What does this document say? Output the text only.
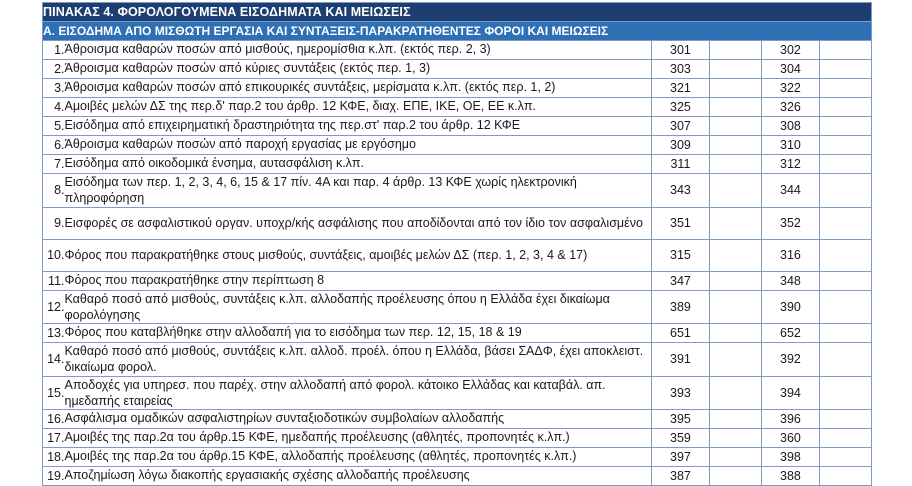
ΠΙΝΑΚΑΣ 4. ΦΟΡΟΛΟΓΟΥΜΕΝΑ ΕΙΣΟΔΗΜΑΤΑ ΚΑΙ ΜΕΙΩΣΕΙΣ					
Α. ΕΙΣΟΔΗΜΑ ΑΠΟ ΜΙΣΘΩΤΗ ΕΡΓΑΣΙΑ ΚΑΙ ΣΥΝΤΑΞΕΙΣ-ΠΑΡΑΚΡΑΤΗΘΕΝΤΕΣ ΦΟΡΟΙ ΚΑΙ ΜΕΙΩΣΕΙΣ					
1.	Άθροισμα καθαρών ποσών από μισθούς, ημερομίσθια κ.λπ. (εκτός περ. 2, 3)	301		302	
2.	Άθροισμα καθαρών ποσών από κύριες συντάξεις (εκτός περ. 1, 3)	303		304	
3.	Άθροισμα καθαρών ποσών από επικουρικές συντάξεις, μερίσματα κ.λπ. (εκτός περ. 1, 2)	321		322	
4.	Αμοιβές μελών ΔΣ της περ.δ' παρ.2 του άρθρ. 12 ΚΦΕ, διαχ. ΕΠΕ, ΙΚΕ, ΟΕ, ΕΕ κ.λπ.	325		326	
5.	Εισόδημα από επιχειρηματική δραστηριότητα της περ.στ' παρ.2 του άρθρ. 12 ΚΦΕ	307		308	
6.	Άθροισμα καθαρών ποσών από παροχή εργασίας με εργόσημο	309		310	
7.	Εισόδημα από οικοδομικά ένσημα, αυτασφάλιση κ.λπ.	311		312	
8.	Εισόδημα των περ. 1, 2, 3, 4, 6, 15 & 17 πίν. 4Α και παρ. 4 άρθρ. 13 ΚΦΕ χωρίς ηλεκτρονική πληροφόρηση	343		344	
9.	Εισφορές σε ασφαλιστικού οργαν. υποχρ/κής ασφάλισης που αποδίδονται από τον ίδιο τον ασφαλισμένο	351		352	
10.	Φόρος που παρακρατήθηκε στους μισθούς, συντάξεις, αμοιβές μελών ΔΣ (περ. 1, 2, 3, 4 & 17)	315		316	
11.	Φόρος που παρακρατήθηκε στην περίπτωση 8	347		348	
12.	Καθαρό ποσό από μισθούς, συντάξεις κ.λπ. αλλοδαπής προέλευσης όπου η Ελλάδα έχει δικαίωμα φορολόγησης	389		390	
13.	Φόρος που καταβλήθηκε στην αλλοδαπή για το εισόδημα των περ. 12, 15, 18 & 19	651		652	
14.	Καθαρό ποσό από μισθούς, συντάξεις κ.λπ. αλλοδ. προέλ. όπου η Ελλάδα, βάσει ΣΑΔΦ, έχει αποκλειστ. δικαίωμα φορολ.	391		392	
15.	Αποδοχές για υπηρεσ. που παρέχ. στην αλλοδαπή από φορολ. κάτοικο Ελλάδας και καταβάλ. απ. ημεδαπής εταιρείας	393		394	
16.	Ασφάλισμα ομαδικών ασφαλιστηρίων συνταξιοδοτικών συμβολαίων αλλοδαπής	395		396	
17.	Αμοιβές της παρ.2α του άρθρ.15 ΚΦΕ, ημεδαπής προέλευσης (αθλητές, προπονητές κ.λπ.)	359		360	
18.	Αμοιβές της παρ.2α του άρθρ.15 ΚΦΕ, αλλοδαπής προέλευσης (αθλητές, προπονητές κ.λπ.)	397		398	
19.	Αποζημίωση λόγω διακοπής εργασιακής σχέσης αλλοδαπής προέλευσης	387		388	
